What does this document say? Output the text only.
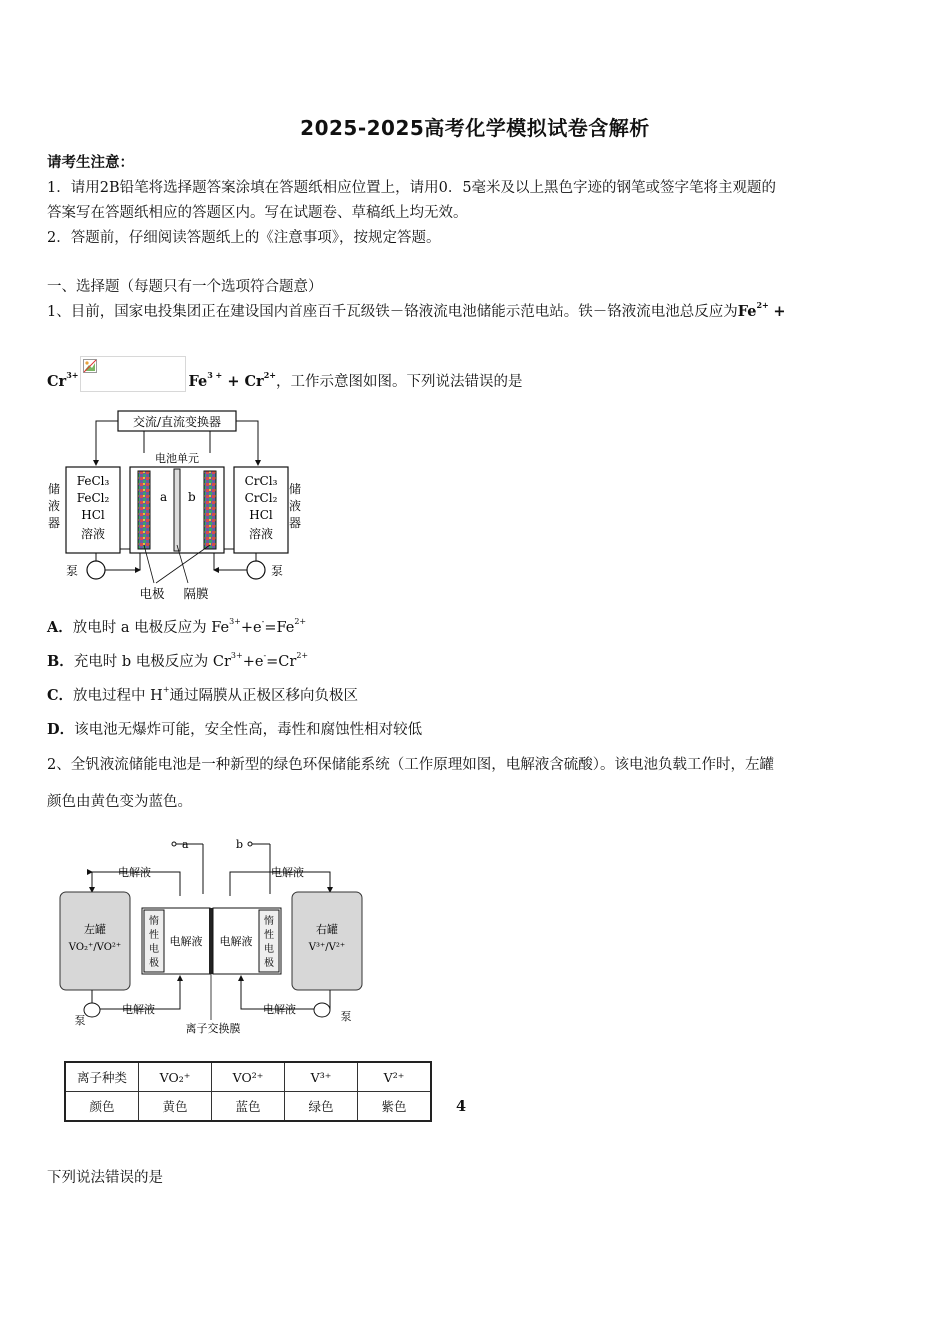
2025-2025高考化学模拟试卷含解析
请考生注意：
1．请用2B铅笔将选择题答案涂填在答题纸相应位置上，请用0．5毫米及以上黑色字迹的钢笔或签字笔将主观题的
答案写在答题纸相应的答题区内。写在试题卷、草稿纸上均无效。
2．答题前，仔细阅读答题纸上的《注意事项》，按规定答题。
一、选择题（每题只有一个选项符合题意）
1、目前，国家电投集团正在建设国内首座百千瓦级铁－铬液流电池储能示范电站。铁－铬液流电池总反应为$Fe^{2+}$ +
$Cr^{3+}$	$Fe^{3 +} + Cr^{2+}$，工作示意图如图。下列说法错误的是
交流/直流变换器
电池单元
a b
FeCl₃
FeCl₂
HCl
溶液
CrCl₃
CrCl₂
HCl
溶液
储
液
器
储
液
器
泵	泵
电极 隔膜
A．放电时 a 电极反应为 $Fe^{3+}+e^-=Fe^{2+}$
B．充电时 b 电极反应为 $Cr^{3+}+e^-=Cr^{2+}$
C．放电过程中 H+通过隔膜从正极区移向负极区
D．该电池无爆炸可能，安全性高，毒性和腐蚀性相对较低
2、全钒液流储能电池是一种新型的绿色环保储能系统（工作原理如图，电解液含硫酸）。该电池负载工作时，左罐
颜色由黄色变为蓝色。
a	b
电解液	电解液
左罐
VO₂⁺/VO²⁺
右罐
V³⁺/V²⁺
惰
性
电
极
电解液
惰
性
电
极
电解液
电解液	电解液
泵	泵
离子交换膜
离子种类	VO₂⁺	VO²⁺	V³⁺	V²⁺
颜色	黄色	蓝色	绿色	紫色	4
下列说法错误的是
